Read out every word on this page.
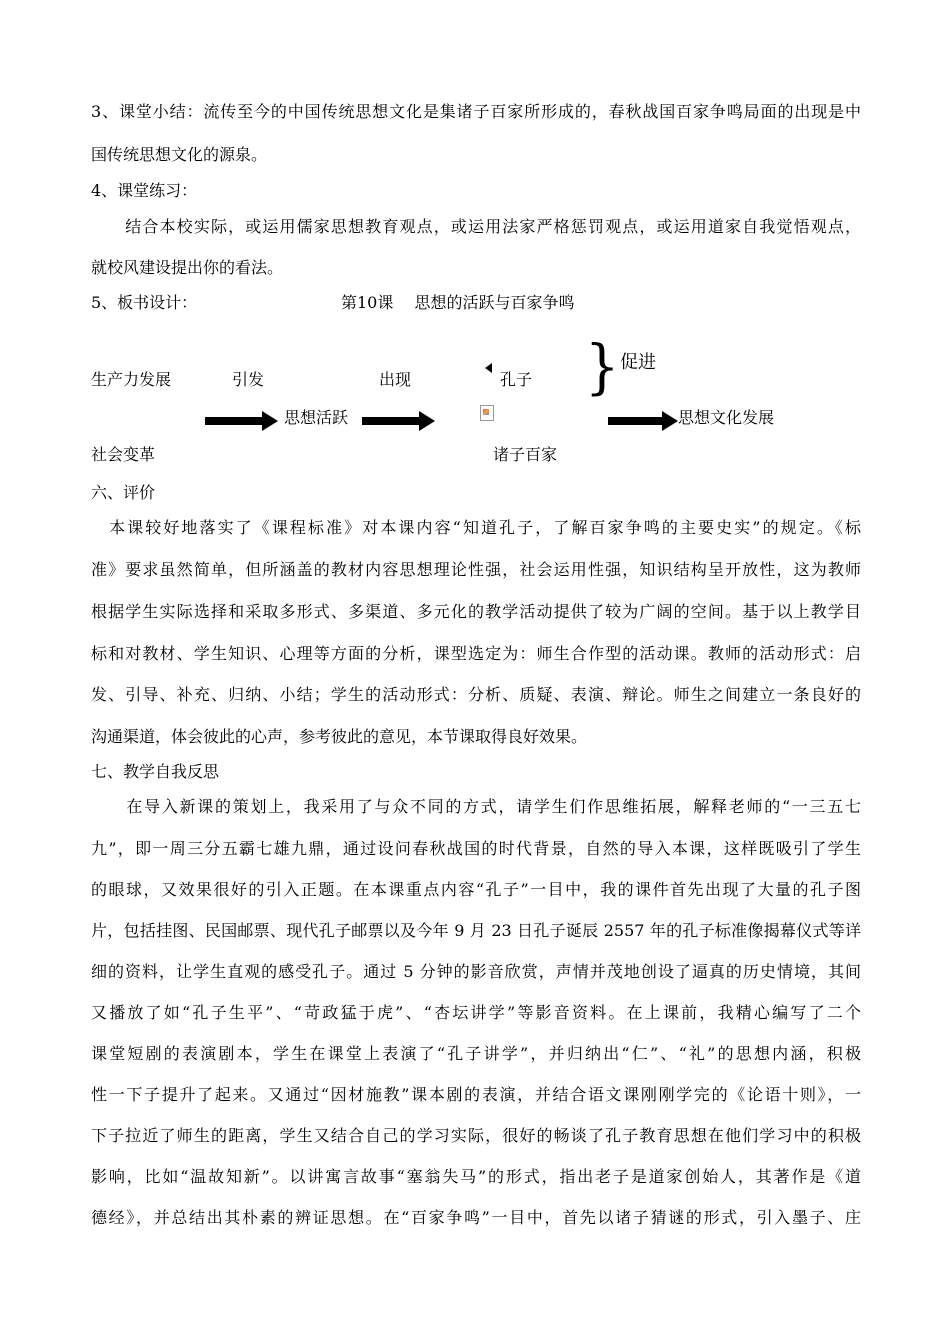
3、课堂小结：流传至今的中国传统思想文化是集诸子百家所形成的，春秋战国百家争鸣局面的出现是中
国传统思想文化的源泉。
4、课堂练习：
　　结合本校实际，或运用儒家思想教育观点，或运用法家严格惩罚观点，或运用道家自我觉悟观点，
就校风建设提出你的看法。
5、板书设计：	第10课　 思想的活跃与百家争鸣
生产力发展	引发	出现	孔子 } 促进
思想活跃	思想文化发展
社会变革	诸子百家
六、评价
　本课较好地落实了《课程标准》对本课内容“知道孔子，了解百家争鸣的主要史实”的规定。《标
准》要求虽然简单，但所涵盖的教材内容思想理论性强，社会运用性强，知识结构呈开放性，这为教师
根据学生实际选择和采取多形式、多渠道、多元化的教学活动提供了较为广阔的空间。基于以上教学目
标和对教材、学生知识、心理等方面的分析，课型选定为：师生合作型的活动课。教师的活动形式：启
发、引导、补充、归纳、小结；学生的活动形式：分析、质疑、表演、辩论。师生之间建立一条良好的
沟通渠道，体会彼此的心声，参考彼此的意见，本节课取得良好效果。
七、教学自我反思
　　在导入新课的策划上，我采用了与众不同的方式，请学生们作思维拓展，解释老师的“一三五七
九”，即一周三分五霸七雄九鼎，通过设问春秋战国的时代背景，自然的导入本课，这样既吸引了学生
的眼球，又效果很好的引入正题。在本课重点内容“孔子”一目中，我的课件首先出现了大量的孔子图
片，包括挂图、民国邮票、现代孔子邮票以及今年 9 月 23 日孔子诞辰 2557 年的孔子标准像揭幕仪式等详
细的资料，让学生直观的感受孔子。通过 5 分钟的影音欣赏，声情并茂地创设了逼真的历史情境，其间
又播放了如“孔子生平”、“苛政猛于虎”、“杏坛讲学”等影音资料。在上课前，我精心编写了二个
课堂短剧的表演剧本，学生在课堂上表演了“孔子讲学”，并归纳出“仁”、“礼”的思想内涵，积极
性一下子提升了起来。又通过“因材施教”课本剧的表演，并结合语文课刚刚学完的《论语十则》，一
下子拉近了师生的距离，学生又结合自己的学习实际，很好的畅谈了孔子教育思想在他们学习中的积极
影响，比如“温故知新”。以讲寓言故事“塞翁失马”的形式，指出老子是道家创始人，其著作是《道
德经》，并总结出其朴素的辨证思想。在“百家争鸣”一目中，首先以诸子猜谜的形式，引入墨子、庄
